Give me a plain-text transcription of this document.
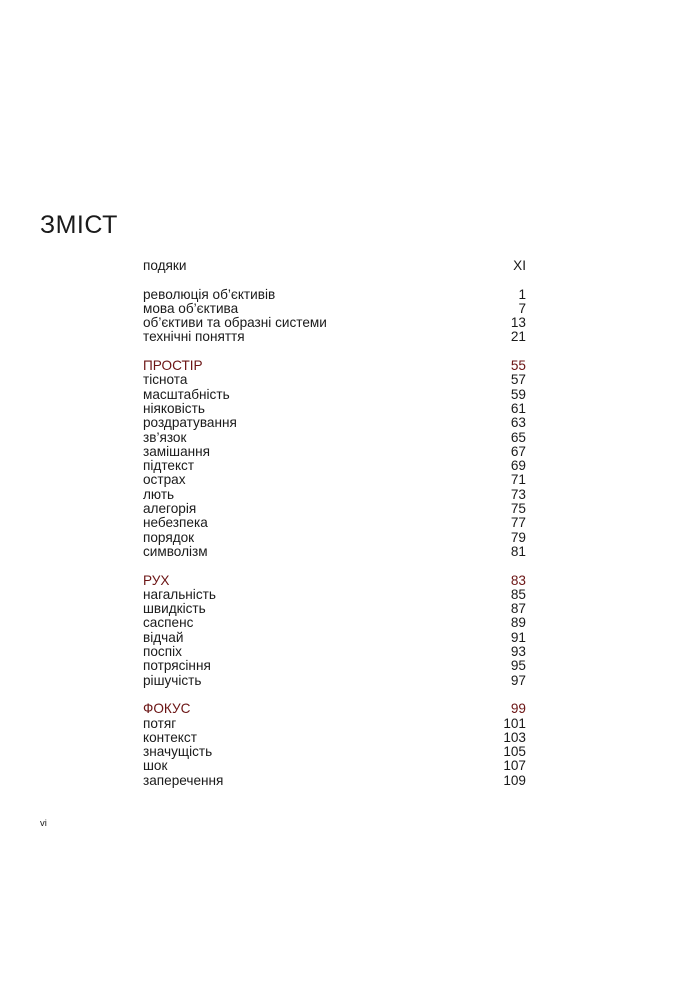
ЗМІСТ
подяки	XI
революція об’єктивів	1
мова об’єктива	7
об’єктиви та образні системи	13
технічні поняття	21
ПРОСТІР	55
тіснота	57
масштабність	59
ніяковість	61
роздратування	63
зв’язок	65
замішання	67
підтекст	69
острах	71
лють	73
алегорія	75
небезпека	77
порядок	79
символізм	81
РУХ	83
нагальність	85
швидкість	87
саспенс	89
відчай	91
поспіх	93
потрясіння	95
рішучість	97
ФОКУС	99
потяг	101
контекст	103
значущість	105
шок	107
заперечення	109
vi
